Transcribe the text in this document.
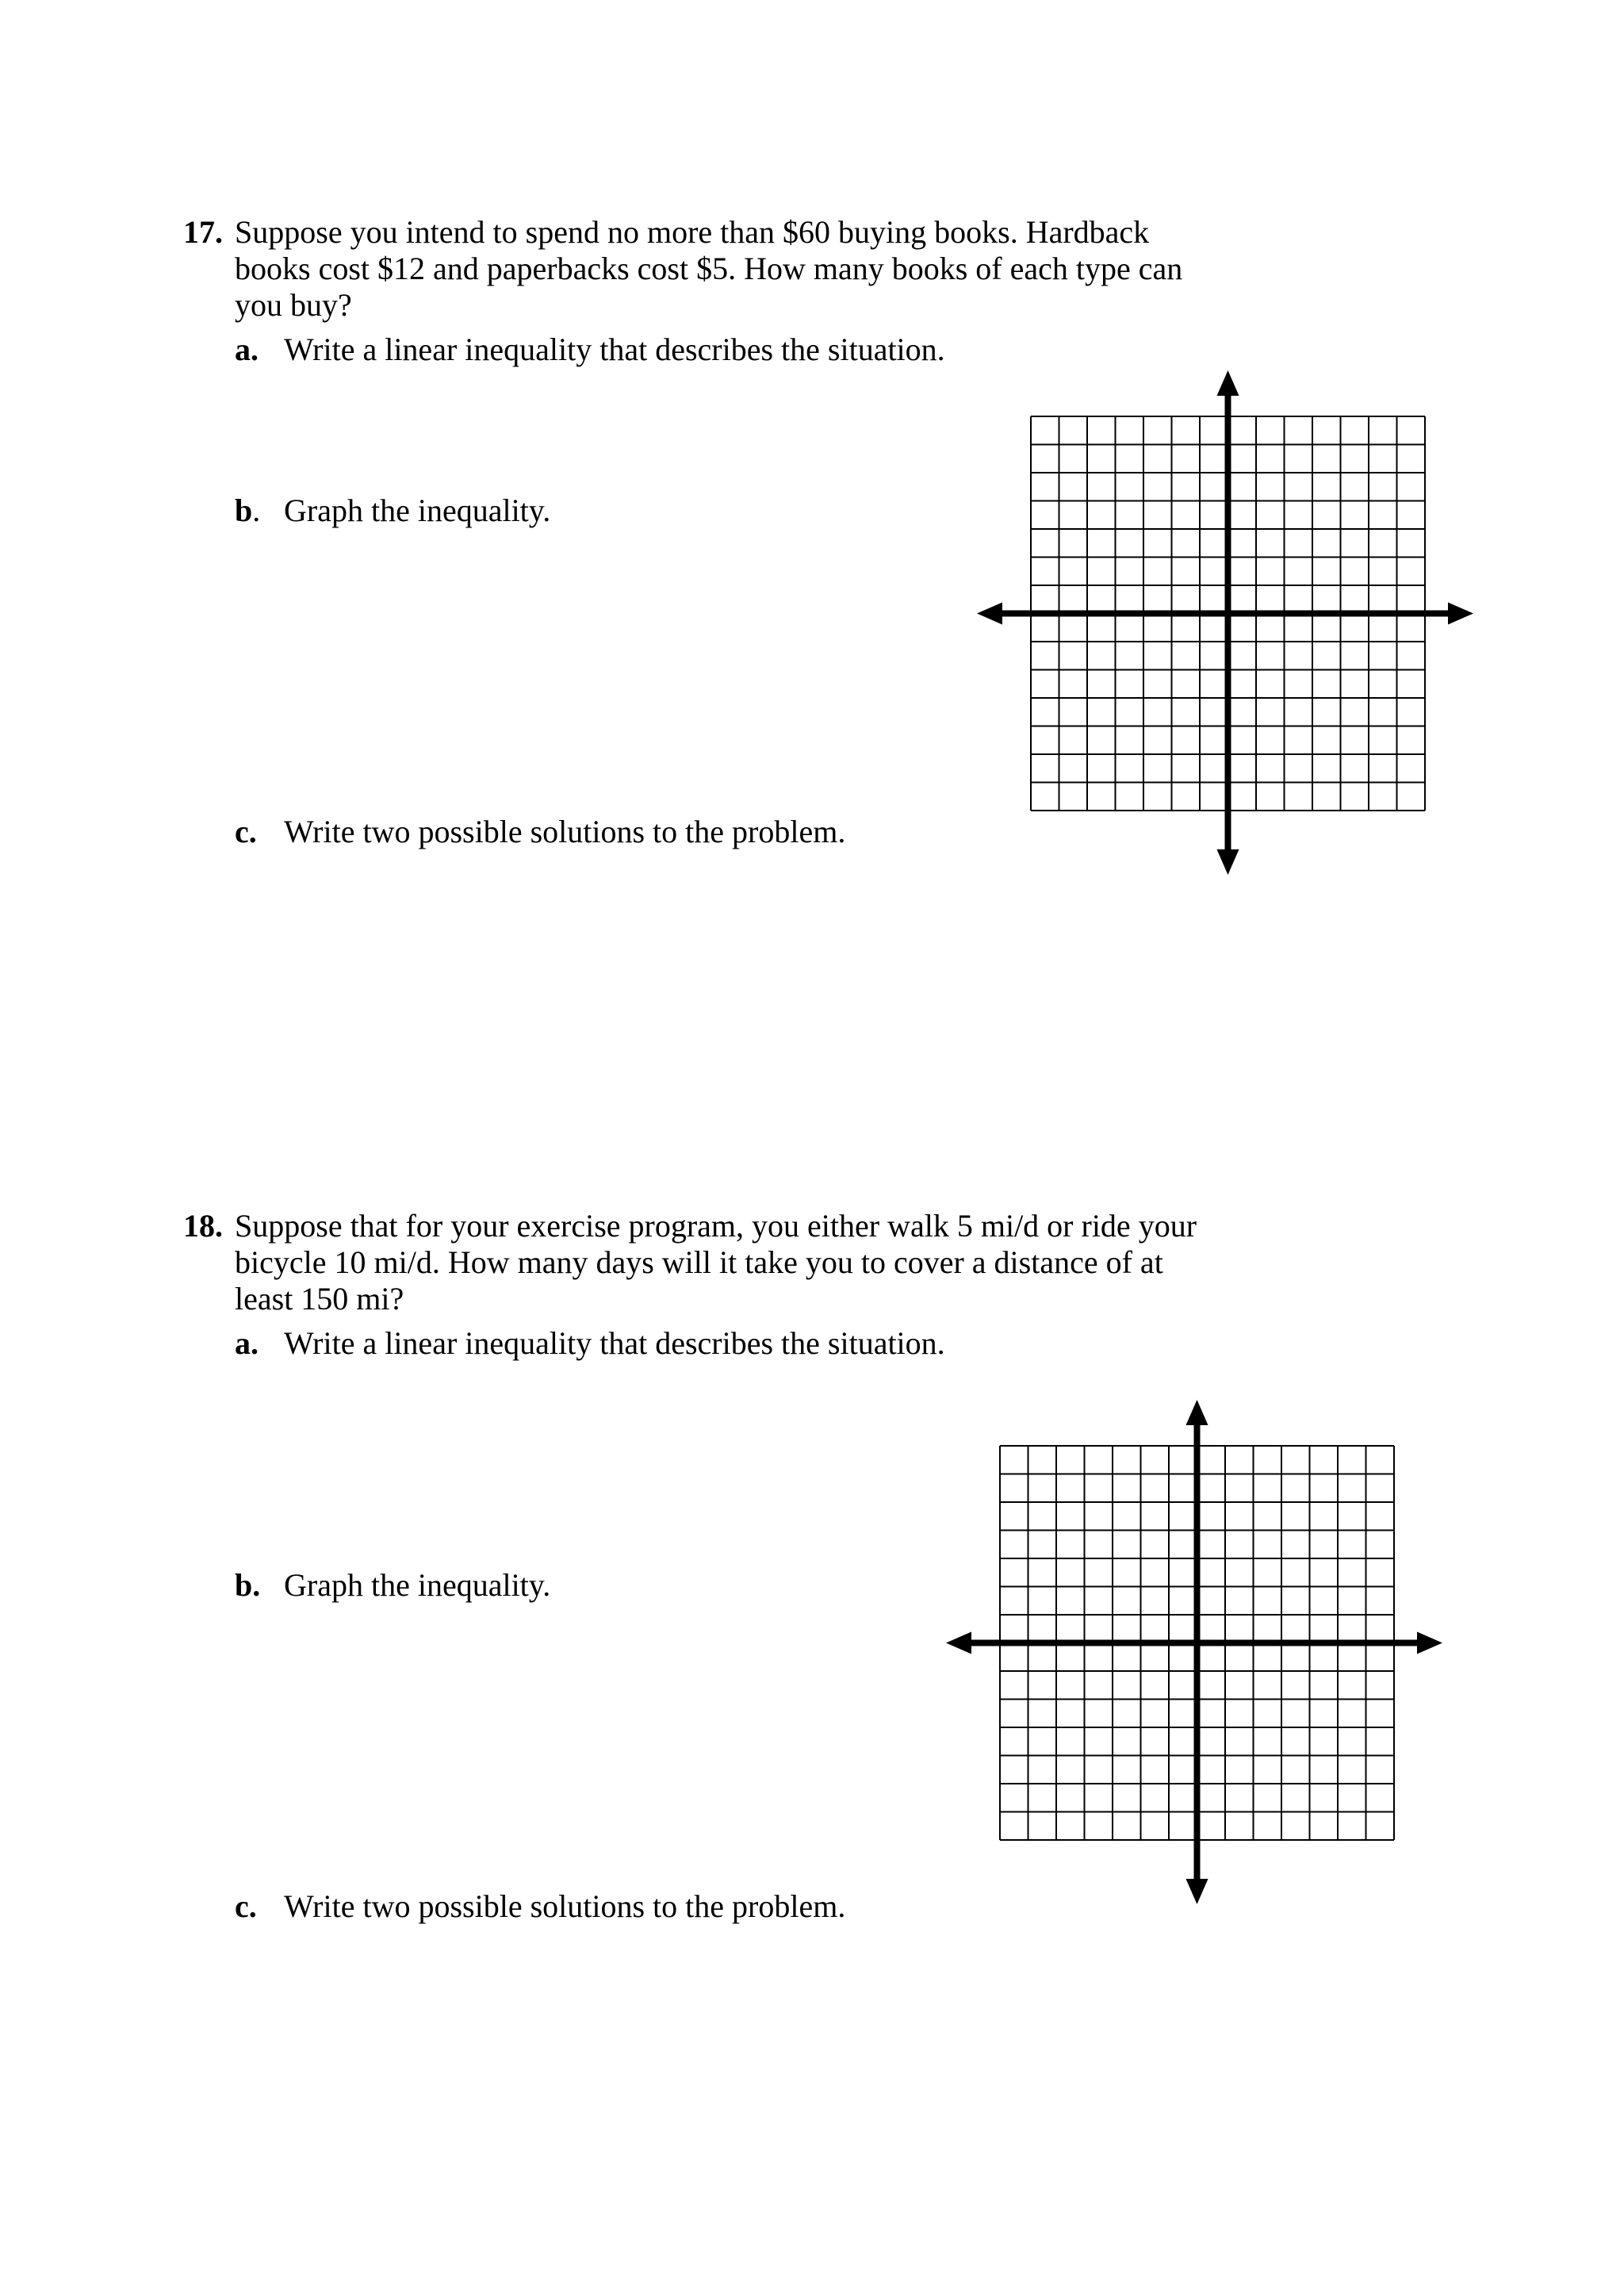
17. Suppose you intend to spend no more than $60 buying books. Hardback books cost $12 and paperbacks cost $5. How many books of each type can you buy?
a. Write a linear inequality that describes the situation.
b. Graph the inequality.
c. Write two possible solutions to the problem.
18. Suppose that for your exercise program, you either walk 5 mi/d or ride your bicycle 10 mi/d. How many days will it take you to cover a distance of at least 150 mi?
a. Write a linear inequality that describes the situation.
b. Graph the inequality.
c. Write two possible solutions to the problem.
